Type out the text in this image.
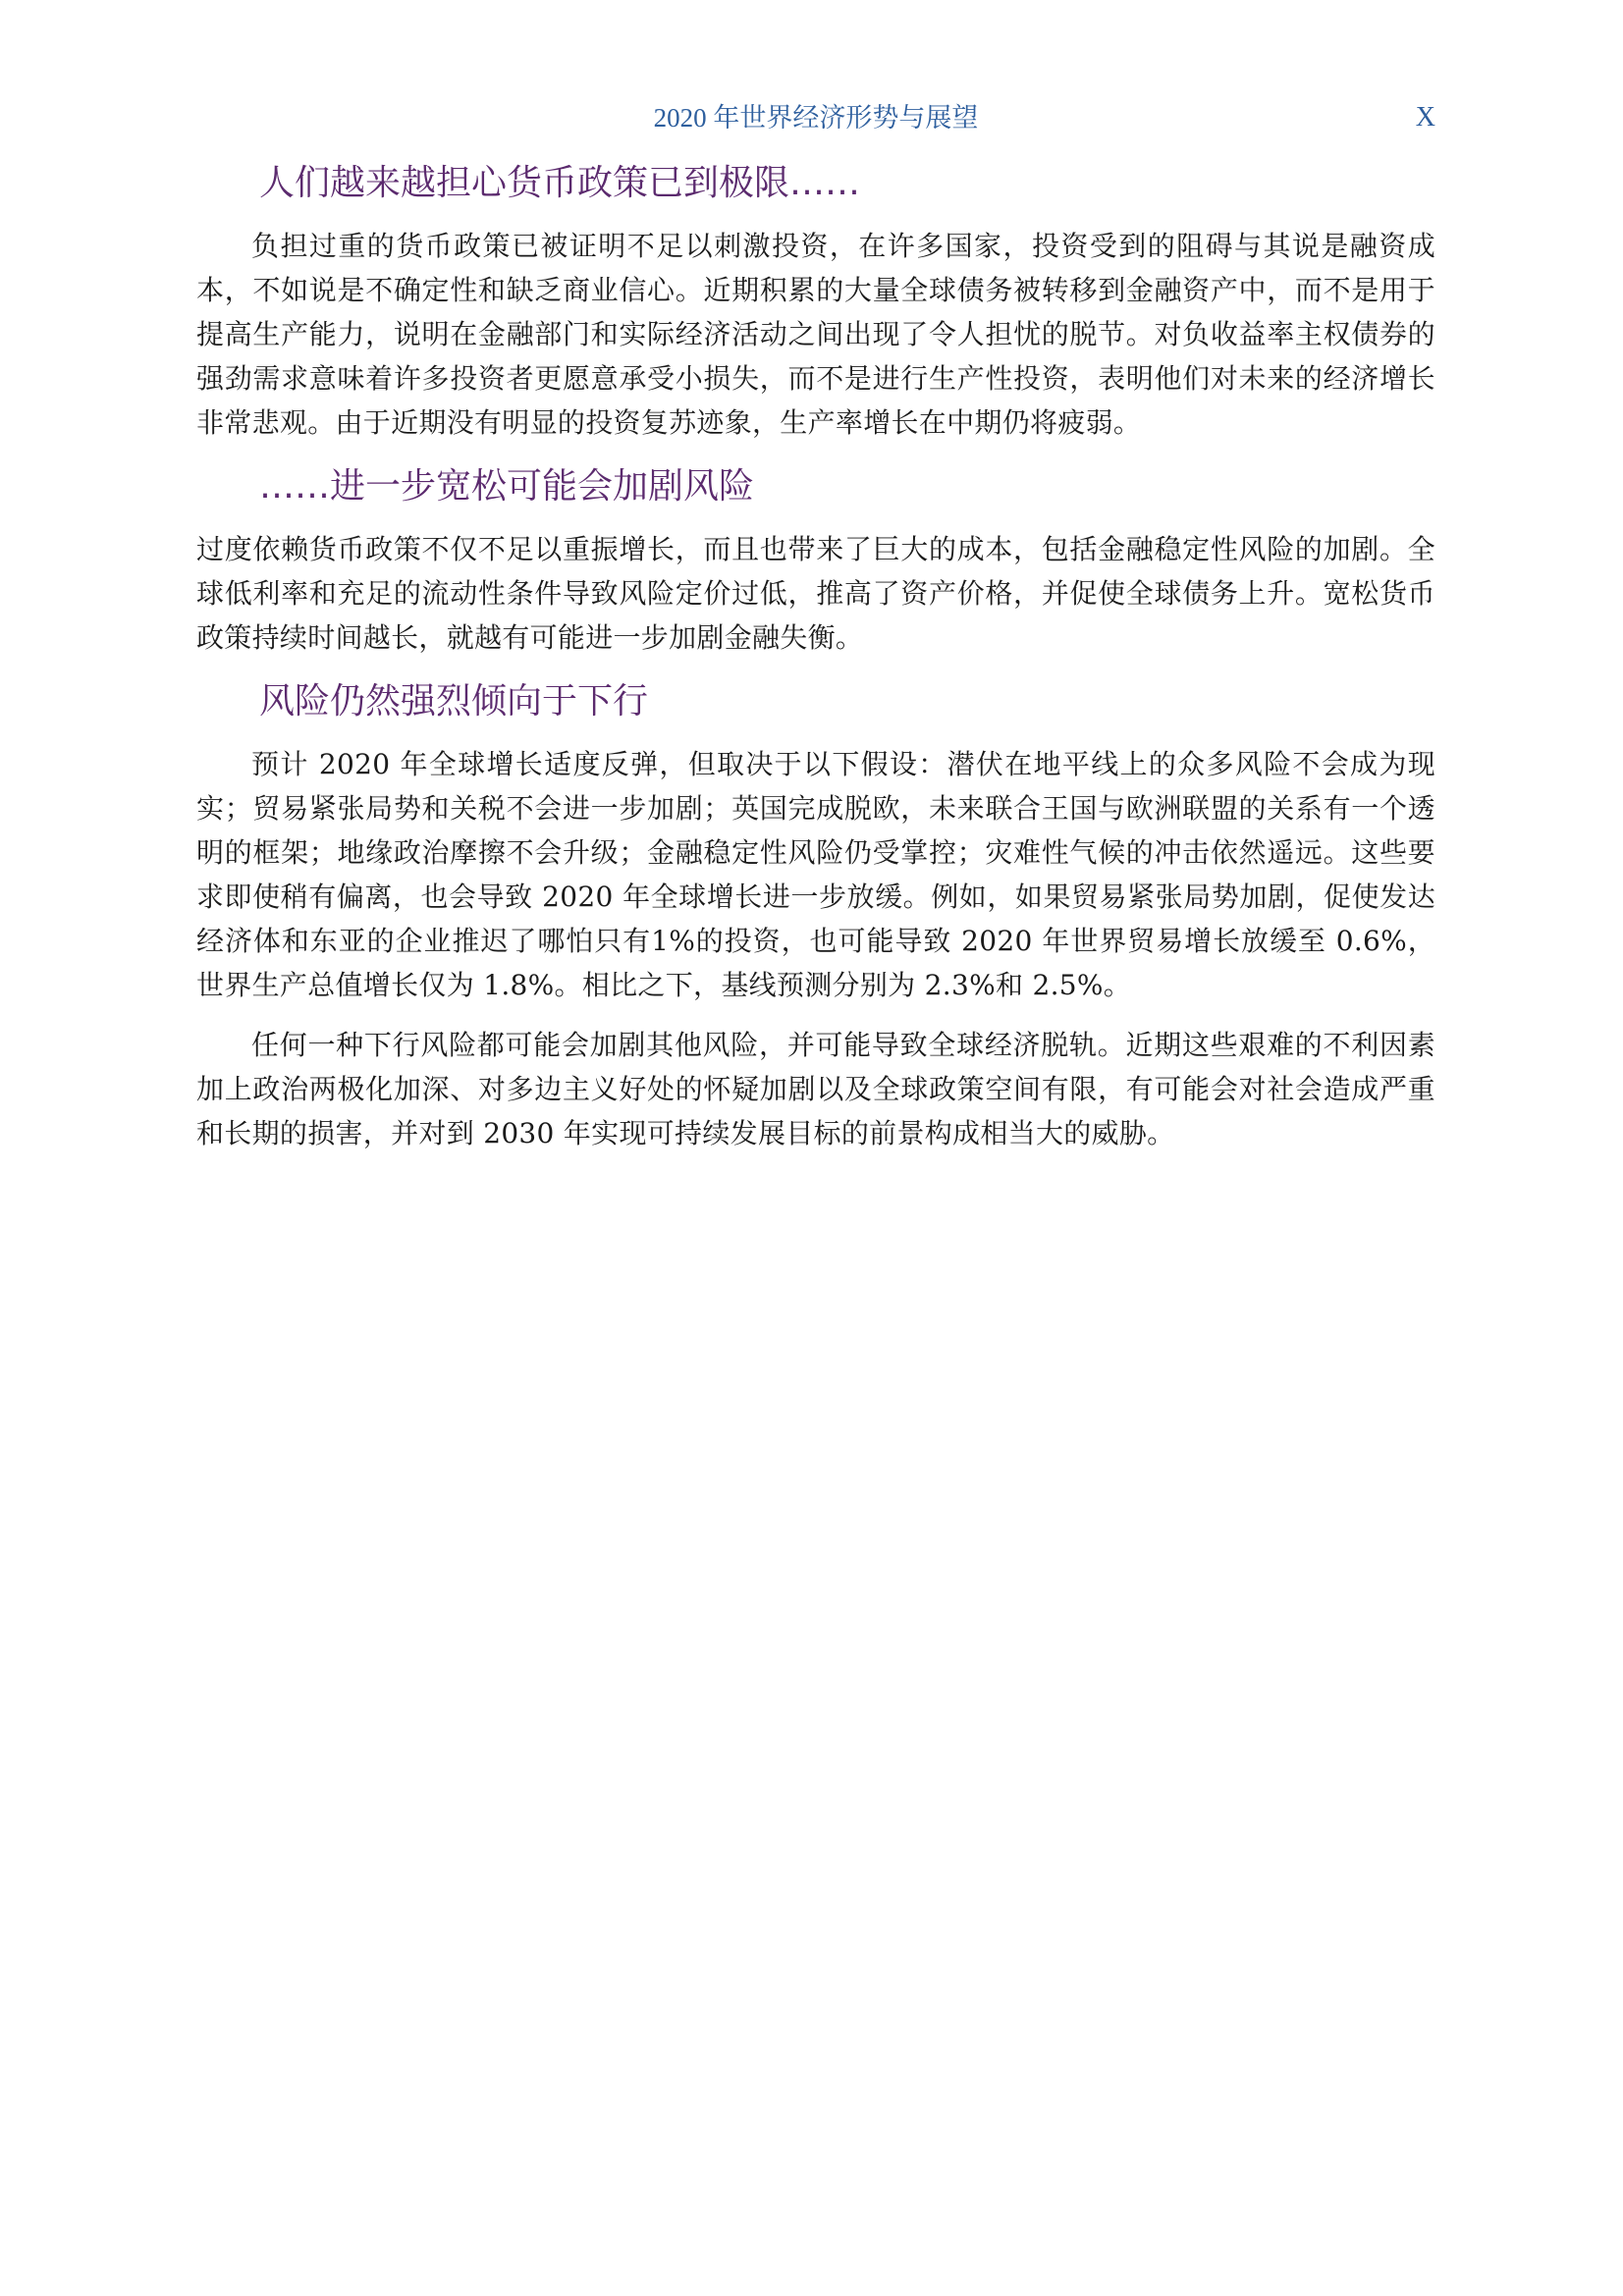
2020 年世界经济形势与展望	X
人们越来越担心货币政策已到极限……

负担过重的货币政策已被证明不足以刺激投资，在许多国家，投资受到的阻碍与其说是融资成本，不如说是不确定性和缺乏商业信心。近期积累的大量全球债务被转移到金融资产中，而不是用于提高生产能力，说明在金融部门和实际经济活动之间出现了令人担忧的脱节。对负收益率主权债券的强劲需求意味着许多投资者更愿意承受小损失，而不是进行生产性投资，表明他们对未来的经济增长非常悲观。由于近期没有明显的投资复苏迹象，生产率增长在中期仍将疲弱。

……进一步宽松可能会加剧风险

过度依赖货币政策不仅不足以重振增长，而且也带来了巨大的成本，包括金融稳定性风险的加剧。全球低利率和充足的流动性条件导致风险定价过低，推高了资产价格，并促使全球债务上升。宽松货币政策持续时间越长，就越有可能进一步加剧金融失衡。

风险仍然强烈倾向于下行

预计 2020 年全球增长适度反弹，但取决于以下假设：潜伏在地平线上的众多风险不会成为现实；贸易紧张局势和关税不会进一步加剧；英国完成脱欧，未来联合王国与欧洲联盟的关系有一个透明的框架；地缘政治摩擦不会升级；金融稳定性风险仍受掌控；灾难性气候的冲击依然遥远。这些要求即使稍有偏离，也会导致 2020 年全球增长进一步放缓。例如，如果贸易紧张局势加剧，促使发达经济体和东亚的企业推迟了哪怕只有1%的投资，也可能导致 2020 年世界贸易增长放缓至 0.6%，世界生产总值增长仅为 1.8%。相比之下，基线预测分别为 2.3%和 2.5%。

任何一种下行风险都可能会加剧其他风险，并可能导致全球经济脱轨。近期这些艰难的不利因素加上政治两极化加深、对多边主义好处的怀疑加剧以及全球政策空间有限，有可能会对社会造成严重和长期的损害，并对到 2030 年实现可持续发展目标的前景构成相当大的威胁。
